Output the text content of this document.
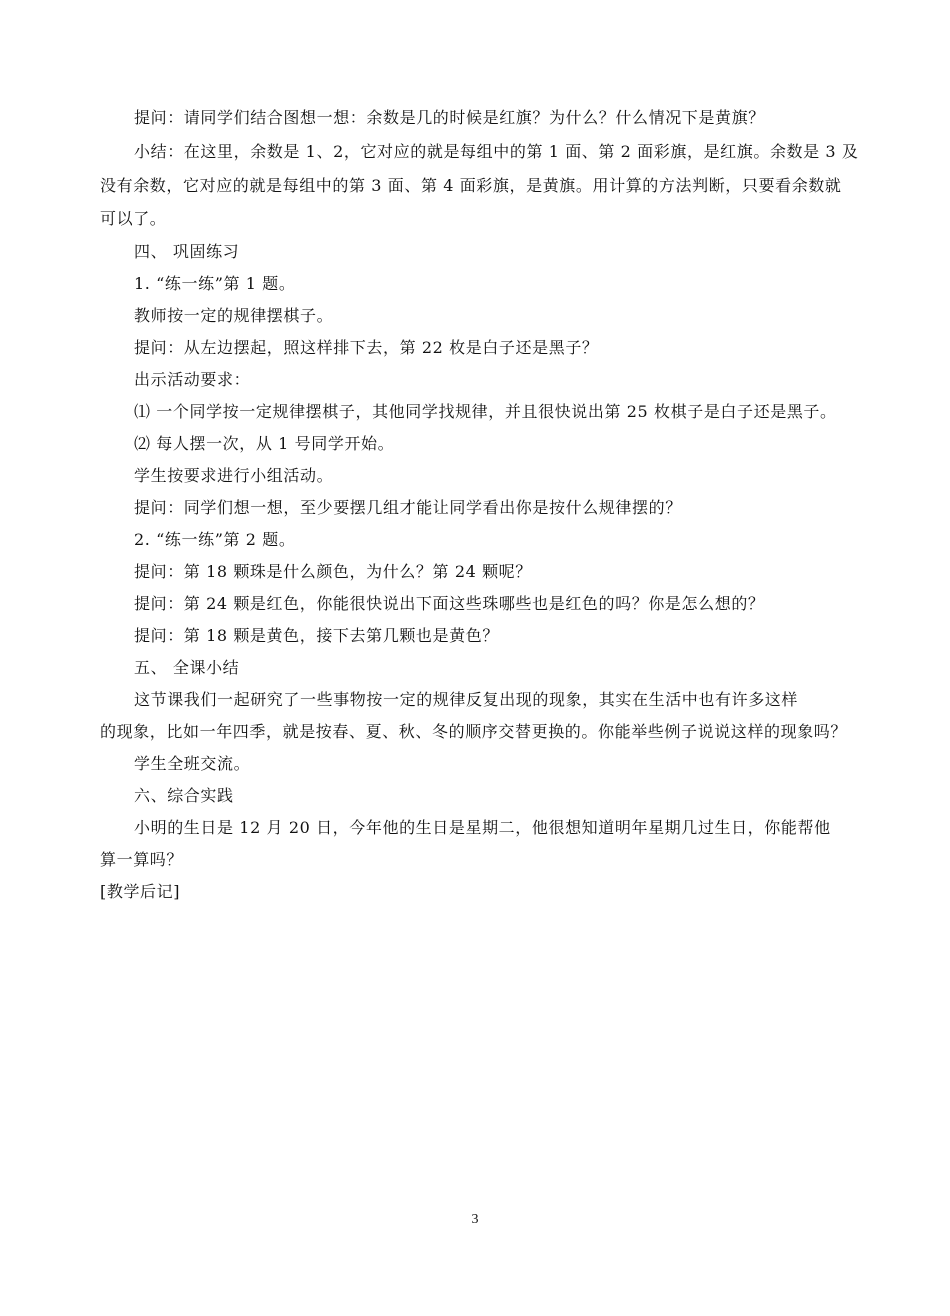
提问：请同学们结合图想一想：余数是几的时候是红旗？为什么？什么情况下是黄旗？
小结：在这里，余数是 1、2，它对应的就是每组中的第 1 面、第 2 面彩旗，是红旗。余数是 3 及
没有余数，它对应的就是每组中的第 3 面、第 4 面彩旗，是黄旗。用计算的方法判断，只要看余数就
可以了。
四、 巩固练习
1. “练一练”第 1 题。
教师按一定的规律摆棋子。
提问：从左边摆起，照这样排下去，第 22 枚是白子还是黑子？
出示活动要求：
⑴ 一个同学按一定规律摆棋子，其他同学找规律，并且很快说出第 25 枚棋子是白子还是黑子。
⑵ 每人摆一次，从 1 号同学开始。
学生按要求进行小组活动。
提问：同学们想一想，至少要摆几组才能让同学看出你是按什么规律摆的？
2. “练一练”第 2 题。
提问：第 18 颗珠是什么颜色，为什么？第 24 颗呢？
提问：第 24 颗是红色，你能很快说出下面这些珠哪些也是红色的吗？你是怎么想的？
提问：第 18 颗是黄色，接下去第几颗也是黄色？
五、 全课小结
这节课我们一起研究了一些事物按一定的规律反复出现的现象，其实在生活中也有许多这样
的现象，比如一年四季，就是按春、夏、秋、冬的顺序交替更换的。你能举些例子说说这样的现象吗？
学生全班交流。
六、综合实践
小明的生日是 12 月 20 日，今年他的生日是星期二，他很想知道明年星期几过生日，你能帮他
算一算吗？
[教学后记]
3
